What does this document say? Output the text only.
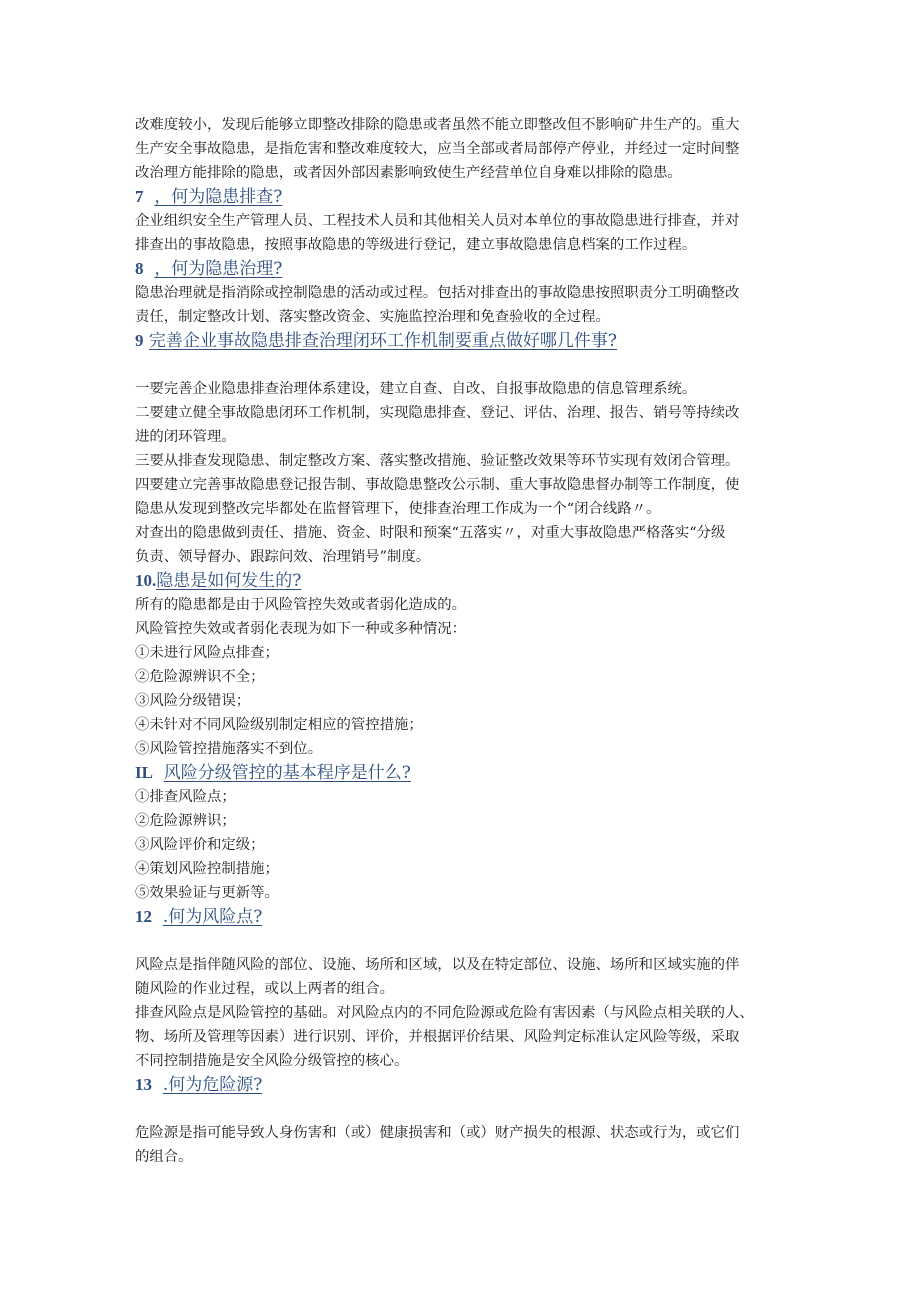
改难度较小，发现后能够立即整改排除的隐患或者虽然不能立即整改但不影响矿井生产的。重大

生产安全事故隐患，是指危害和整改难度较大，应当全部或者局部停产停业，并经过一定时间整

改治理方能排除的隐患，或者因外部因素影响致使生产经营单位自身难以排除的隐患。

7 ，何为隐患排查?

企业组织安全生产管理人员、工程技术人员和其他相关人员对本单位的事故隐患进行排查，并对

排查出的事故隐患，按照事故隐患的等级进行登记，建立事故隐患信息档案的工作过程。

8 ，何为隐患治理?

隐患治理就是指消除或控制隐患的活动或过程。包括对排查出的事故隐患按照职责分工明确整改

责任，制定整改计划、落实整改资金、实施监控治理和免查验收的全过程。

9 完善企业事故隐患排查治理闭环工作机制要重点做好哪几件事?

一要完善企业隐患排查治理体系建设，建立自查、自改、自报事故隐患的信息管理系统。

二要建立健全事故隐患闭环工作机制，实现隐患排查、登记、评估、治理、报告、销号等持续改

进的闭环管理。

三要从排查发现隐患、制定整改方案、落实整改措施、验证整改效果等环节实现有效闭合管理。

四要建立完善事故隐患登记报告制、事故隐患整改公示制、重大事故隐患督办制等工作制度，使

隐患从发现到整改完毕都处在监督管理下，使排查治理工作成为一个“闭合线路〃。

对查出的隐患做到责任、措施、资金、时限和预案“五落实〃，对重大事故隐患严格落实“分级

负责、领导督办、跟踪问效、治理销号”制度。

10.隐患是如何发生的?

所有的隐患都是由于风险管控失效或者弱化造成的。

风险管控失效或者弱化表现为如下一种或多种情况：

①未进行风险点排查；

②危险源辨识不全；

③风险分级错误；

④未针对不同风险级别制定相应的管控措施；

⑤风险管控措施落实不到位。

IL 风险分级管控的基本程序是什么?

①排查风险点；

②危险源辨识；

③风险评价和定级；

④策划风险控制措施；

⑤效果验证与更新等。

12 .何为风险点?

风险点是指伴随风险的部位、设施、场所和区域，以及在特定部位、设施、场所和区域实施的伴

随风险的作业过程，或以上两者的组合。

排查风险点是风险管控的基础。对风险点内的不同危险源或危险有害因素（与风险点相关联的人、

物、场所及管理等因素）进行识别、评价，并根据评价结果、风险判定标准认定风险等级，采取

不同控制措施是安全风险分级管控的核心。

13 .何为危险源?

危险源是指可能导致人身伤害和（或）健康损害和（或）财产损失的根源、状态或行为，或它们

的组合。
